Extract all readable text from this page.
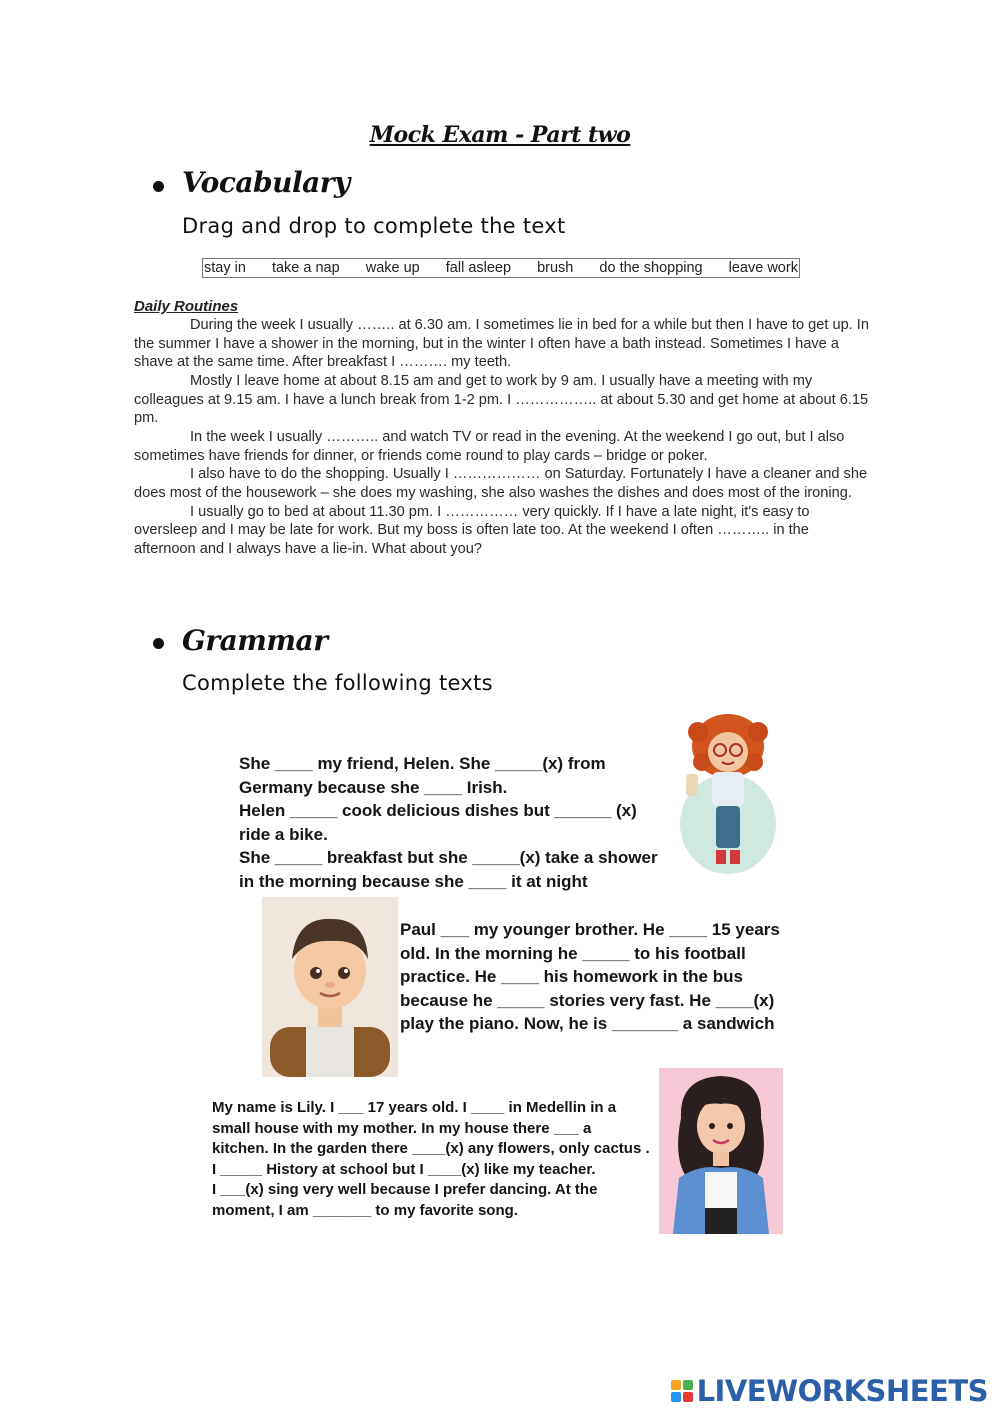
Mock Exam - Part two
Vocabulary
Drag and drop to complete the text
stay in take a nap wake up fall asleep brush do the shopping leave work
Daily Routines

During the week I usually …….. at 6.30 am. I sometimes lie in bed for a while but then I have to get up. In the summer I have a shower in the morning, but in the winter I often have a bath instead. Sometimes I have a shave at the same time. After breakfast I ………. my teeth.

Mostly I leave home at about 8.15 am and get to work by 9 am. I usually have a meeting with my colleagues at 9.15 am. I have a lunch break from 1-2 pm. I …………….. at about 5.30 and get home at about 6.15 pm.

In the week I usually ……….. and watch TV or read in the evening. At the weekend I go out, but I also sometimes have friends for dinner, or friends come round to play cards – bridge or poker.

I also have to do the shopping. Usually I ……………… on Saturday. Fortunately I have a cleaner and she does most of the housework – she does my washing, she also washes the dishes and does most of the ironing.

I usually go to bed at about 11.30 pm. I …………… very quickly. If I have a late night, it's easy to oversleep and I may be late for work. But my boss is often late too. At the weekend I often ……….. in the afternoon and I always have a lie-in. What about you?

Grammar
Complete the following texts

She ____ my friend, Helen. She _____(x) from

Germany because she ____ Irish.

Helen _____ cook delicious dishes but ______ (x)

ride a bike.

She _____ breakfast but she _____(x) take a shower

in the morning because she ____ it at night

Paul ___ my younger brother. He ____ 15 years

old. In the morning he _____ to his football

practice. He ____ his homework in the bus

because he _____ stories very fast. He ____(x)

play the piano. Now, he is _______ a sandwich

My name is Lily. I ___ 17 years old. I ____ in Medellin in a

small house with my mother. In my house there ___ a

kitchen. In the garden there ____(x) any flowers, only cactus .

I _____ History at school but I ____(x) like my teacher.

I ___(x) sing very well because I prefer dancing. At the

moment, I am _______ to my favorite song.

LIVEWORKSHEETS
